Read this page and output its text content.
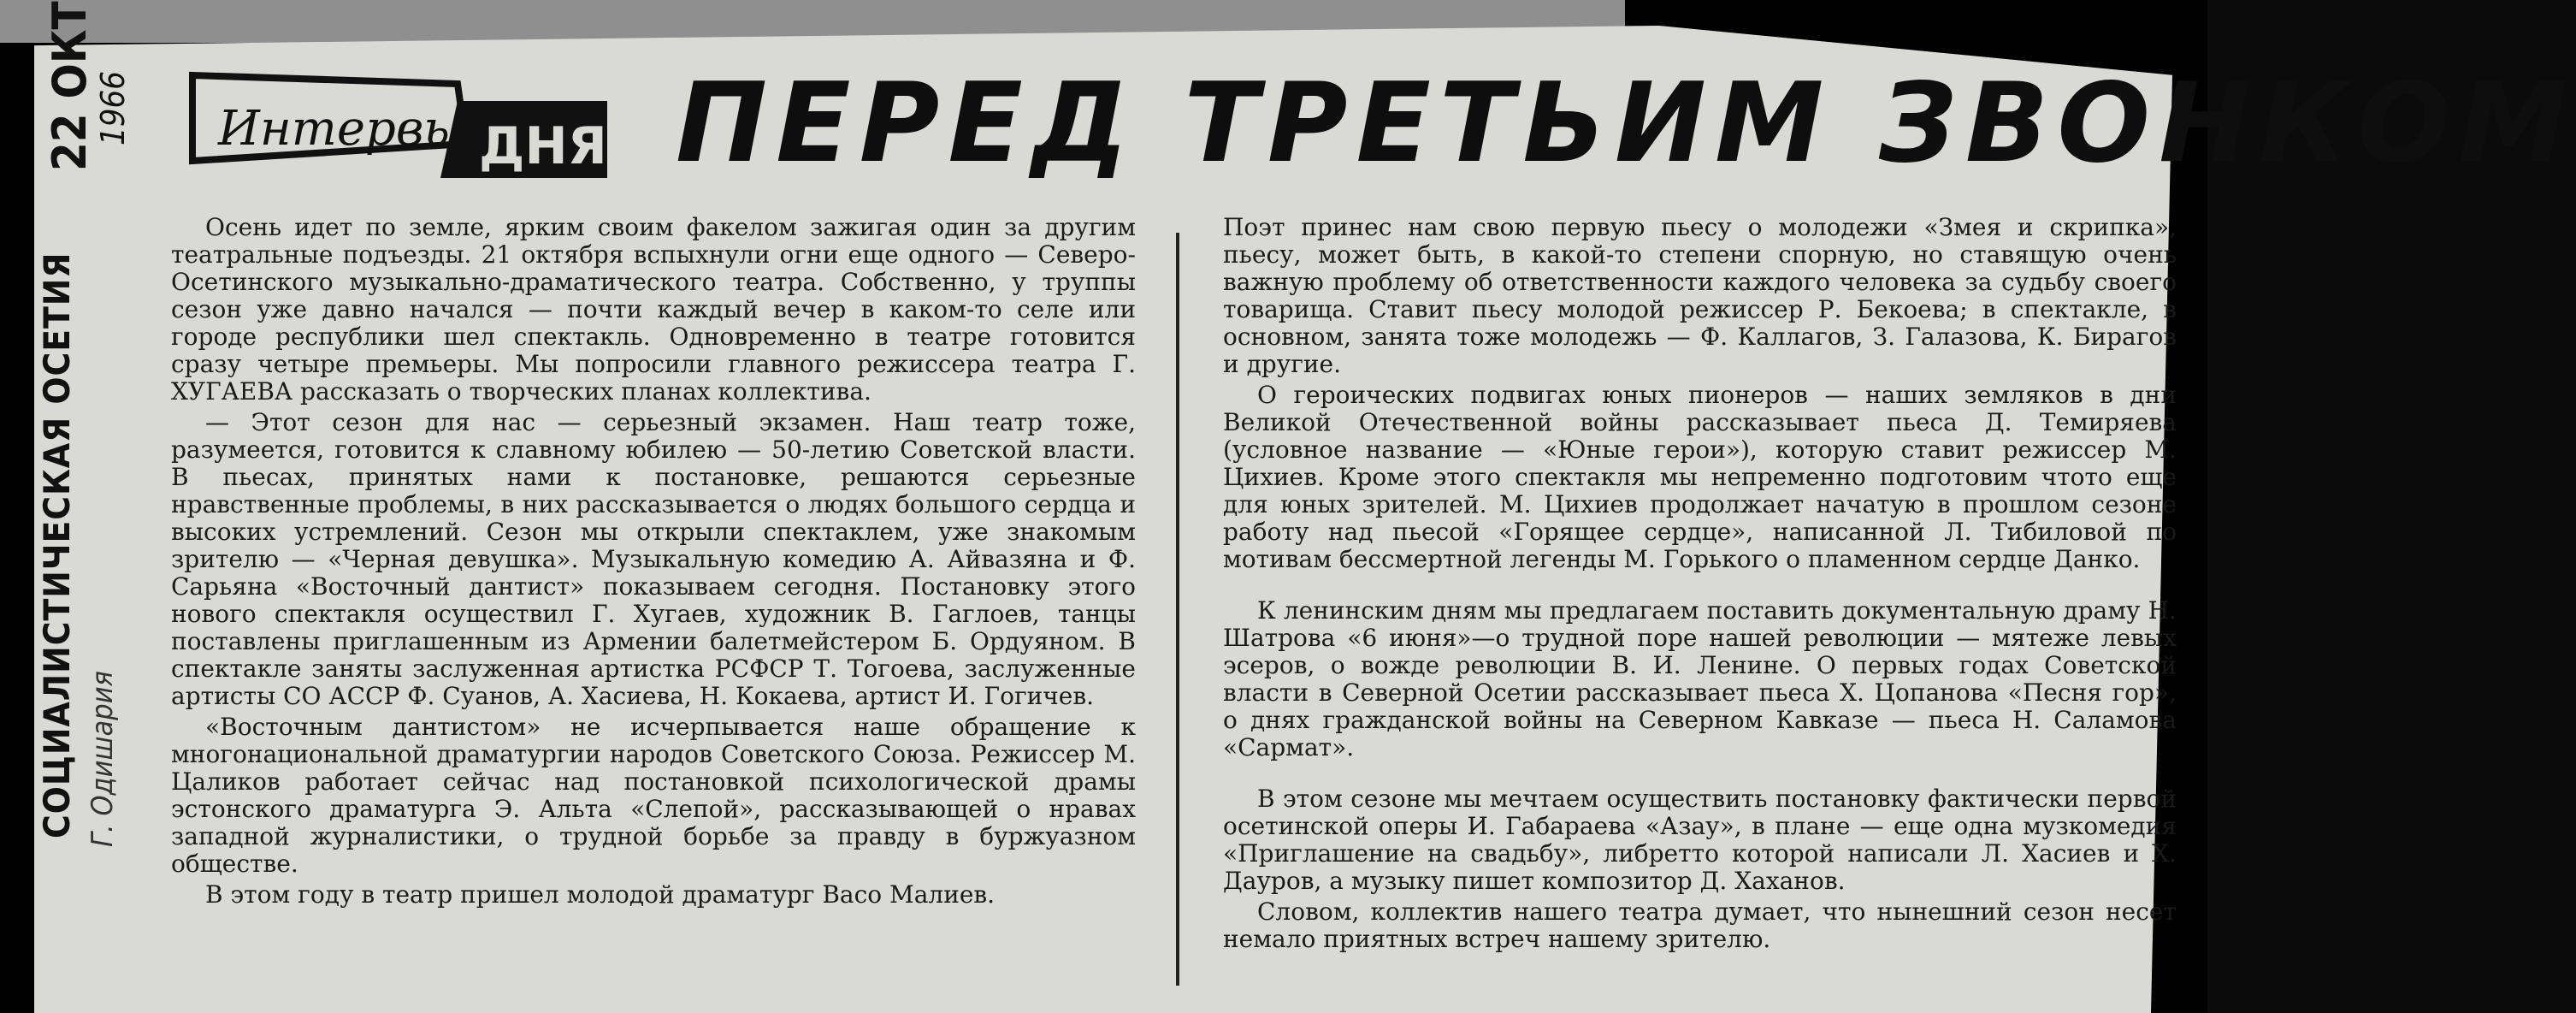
СОЦИАЛИСТИЧЕСКАЯ ОСЕТИЯ
22 ОКТ
1966
Г. Одишария
Интервью
ДНЯ ПЕРЕД ТРЕТЬИМ ЗВОНКОМ

Осень идет по земле, ярким своим факелом зажигая один за другим театральные подъезды. 21 октября вспыхнули огни еще одного — Северо-Осетинского музыкально-драматического театра. Собственно, у труппы сезон уже давно начался — почти каждый вечер в каком-то селе или городе республики шел спектакль. Одновременно в театре готовится сразу четыре премьеры. Мы попросили главного режиссера театра Г. ХУГАЕВА рассказать о творческих планах коллектива.

— Этот сезон для нас — серьезный экзамен. Наш театр тоже, разумеется, готовится к славному юбилею — 50-летию Советской власти. В пьесах, принятых нами к постановке, решаются серьезные нравственные проблемы, в них рассказывается о людях большого сердца и высоких устремлений. Сезон мы открыли спектаклем, уже знакомым зрителю — «Черная девушка». Музыкальную комедию А. Айвазяна и Ф. Сарьяна «Восточный дантист» показываем сегодня. Постановку этого нового спектакля осуществил Г. Хугаев, художник В. Гаглоев, танцы поставлены приглашенным из Армении балетмейстером Б. Ордуяном. В спектакле заняты заслуженная артистка РСФСР Т. Тогоева, заслуженные артисты СО АССР Ф. Суанов, А. Хасиева, Н. Кокаева, артист И. Гогичев.

«Восточным дантистом» не исчерпывается наше обращение к многонациональной драматургии народов Советского Союза. Режиссер М. Цаликов работает сейчас над постановкой психологической драмы эстонского драматурга Э. Альта «Слепой», рассказывающей о нравах западной журналистики, о трудной борьбе за правду в буржуазном обществе.

В этом году в театр пришел молодой драматург Васо Малиев.

Поэт принес нам свою первую пьесу о молодежи «Змея и скрипка», пьесу, может быть, в какой-то степени спорную, но ставящую очень важную проблему об ответственности каждого человека за судьбу своего товарища. Ставит пьесу молодой режиссер Р. Бекоева; в спектакле, в основном, занята тоже молодежь — Ф. Каллагов, З. Галазова, К. Бирагов и другие.

О героических подвигах юных пионеров — наших земляков в дни Великой Отечественной войны рассказывает пьеса Д. Темиряева (условное название — «Юные герои»), которую ставит режиссер М. Цихиев. Кроме этого спектакля мы непременно подготовим чтото еще для юных зрителей. М. Цихиев продолжает начатую в прошлом сезоне работу над пьесой «Горящее сердце», написанной Л. Тибиловой по мотивам бессмертной легенды М. Горького о пламенном сердце Данко.

К ленинским дням мы предлагаем поставить документальную драму Н. Шатрова «6 июня»—о трудной поре нашей революции — мятеже левых эсеров, о вожде революции В. И. Ленине. О первых годах Советской власти в Северной Осетии рассказывает пьеса Х. Цопанова «Песня гор», о днях гражданской войны на Северном Кавказе — пьеса Н. Саламова «Сармат».

В этом сезоне мы мечтаем осуществить постановку фактически первой осетинской оперы И. Габараева «Азау», в плане — еще одна музкомедия «Приглашение на свадьбу», либретто которой написали Л. Хасиев и Х. Дауров, а музыку пишет композитор Д. Хаханов.

Словом, коллектив нашего театра думает, что нынешний сезон несет немало приятных встреч нашему зрителю.
